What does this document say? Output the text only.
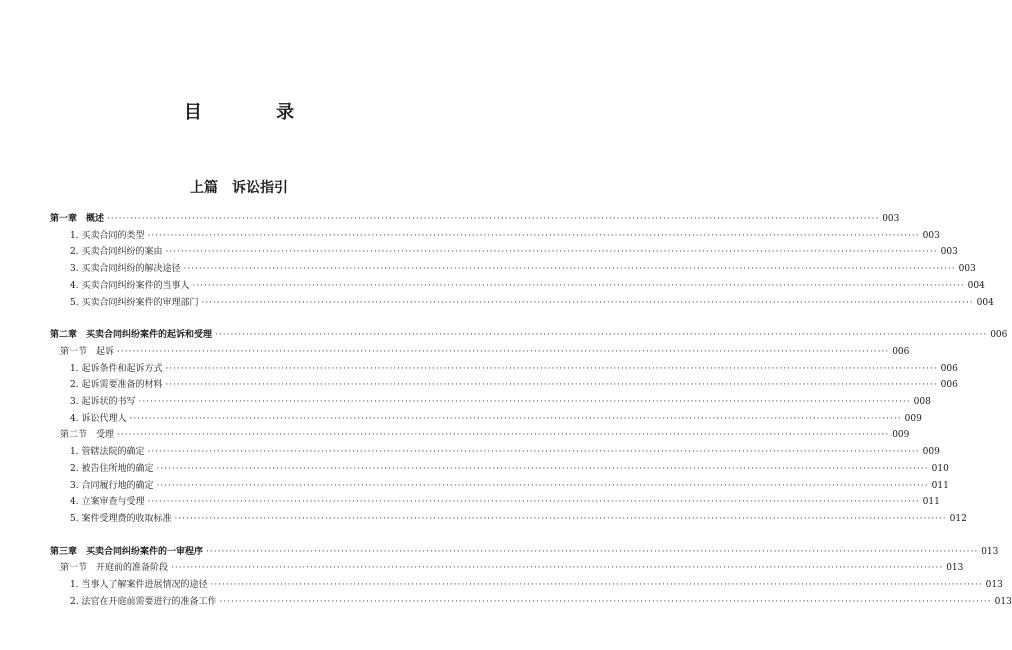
目 录
上篇 诉讼指引
第一章 概述 ········································································································································································································ 003
1. 买卖合同的类型 ········································································································································································································ 003
2. 买卖合同纠纷的案由 ········································································································································································································ 003
3. 买卖合同纠纷的解决途径 ········································································································································································································ 003
4. 买卖合同纠纷案件的当事人 ········································································································································································································ 004
5. 买卖合同纠纷案件的审理部门 ········································································································································································································ 004
第二章 买卖合同纠纷案件的起诉和受理 ········································································································································································································ 006
第一节 起诉 ········································································································································································································ 006
1. 起诉条件和起诉方式 ········································································································································································································ 006
2. 起诉需要准备的材料 ········································································································································································································ 006
3. 起诉状的书写 ········································································································································································································ 008
4. 诉讼代理人 ········································································································································································································ 009
第二节 受理 ········································································································································································································ 009
1. 管辖法院的确定 ········································································································································································································ 009
2. 被告住所地的确定 ········································································································································································································ 010
3. 合同履行地的确定 ········································································································································································································ 011
4. 立案审查与受理 ········································································································································································································ 011
5. 案件受理费的收取标准 ········································································································································································································ 012
第三章 买卖合同纠纷案件的一审程序 ········································································································································································································ 013
第一节 开庭前的准备阶段 ········································································································································································································ 013
1. 当事人了解案件进展情况的途径 ········································································································································································································ 013
2. 法官在开庭前需要进行的准备工作 ········································································································································································································ 013
